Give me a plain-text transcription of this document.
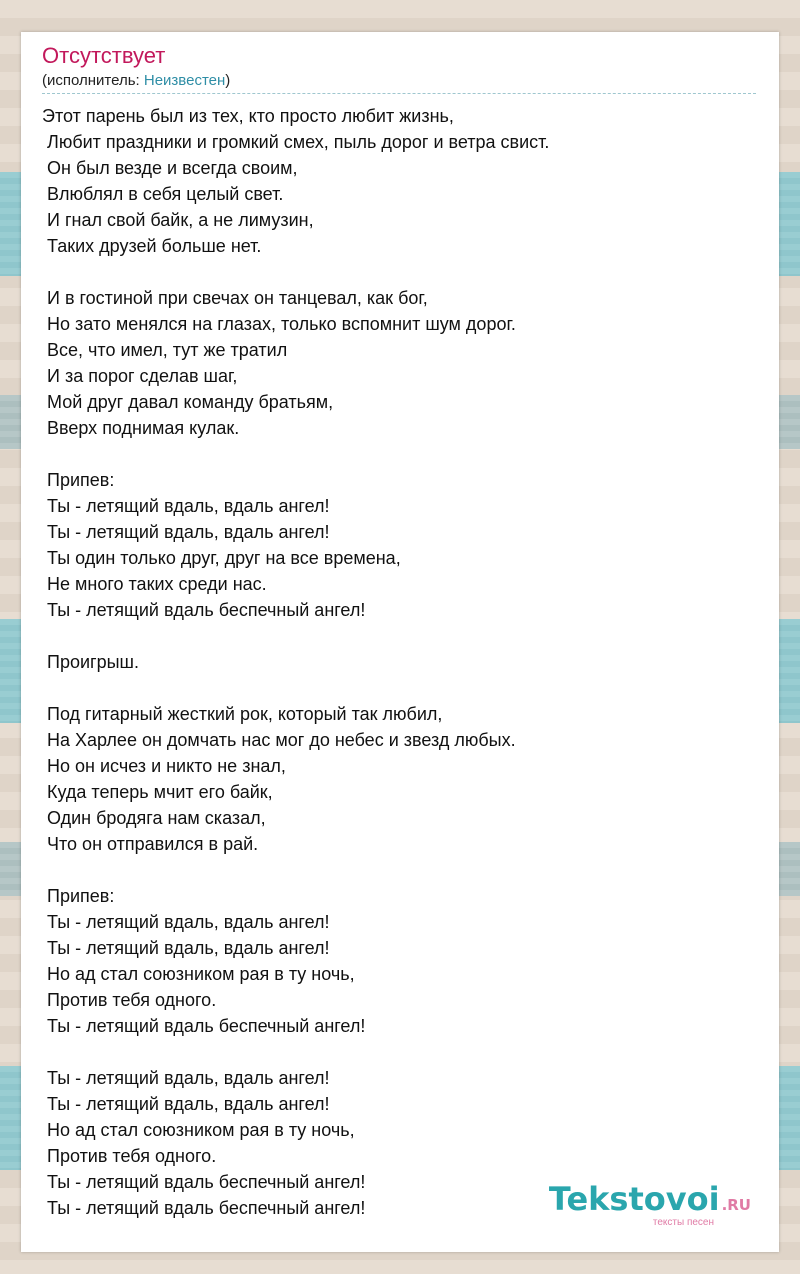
Отсутствует
(исполнитель: Неизвестен)
Этот парень был из тех, кто просто любит жизнь,
Любит праздники и громкий смех, пыль дорог и ветра свист.
Он был везде и всегда своим,
Влюблял в себя целый свет.
И гнал свой байк, а не лимузин,
Таких друзей больше нет.
И в гостиной при свечах он танцевал, как бог,
Но зато менялся на глазах, только вспомнит шум дорог.
Все, что имел, тут же тратил
И за порог сделав шаг,
Мой друг давал команду братьям,
Вверх поднимая кулак.
Припев:
Ты - летящий вдаль, вдаль ангел!
Ты - летящий вдаль, вдаль ангел!
Ты один только друг, друг на все времена,
Не много таких среди нас.
Ты - летящий вдаль беспечный ангел!
Проигрыш.
Под гитарный жесткий рок, который так любил,
На Харлее он домчать нас мог до небес и звезд любых.
Но он исчез и никто не знал,
Куда теперь мчит его байк,
Один бродяга нам сказал,
Что он отправился в рай.
Припев:
Ты - летящий вдаль, вдаль ангел!
Ты - летящий вдаль, вдаль ангел!
Но ад стал союзником рая в ту ночь,
Против тебя одного.
Ты - летящий вдаль беспечный ангел!
Ты - летящий вдаль, вдаль ангел!
Ты - летящий вдаль, вдаль ангел!
Но ад стал союзником рая в ту ночь,
Против тебя одного.
Ты - летящий вдаль беспечный ангел!
Ты - летящий вдаль беспечный ангел!	Tekstovoi .RU
тексты песен
